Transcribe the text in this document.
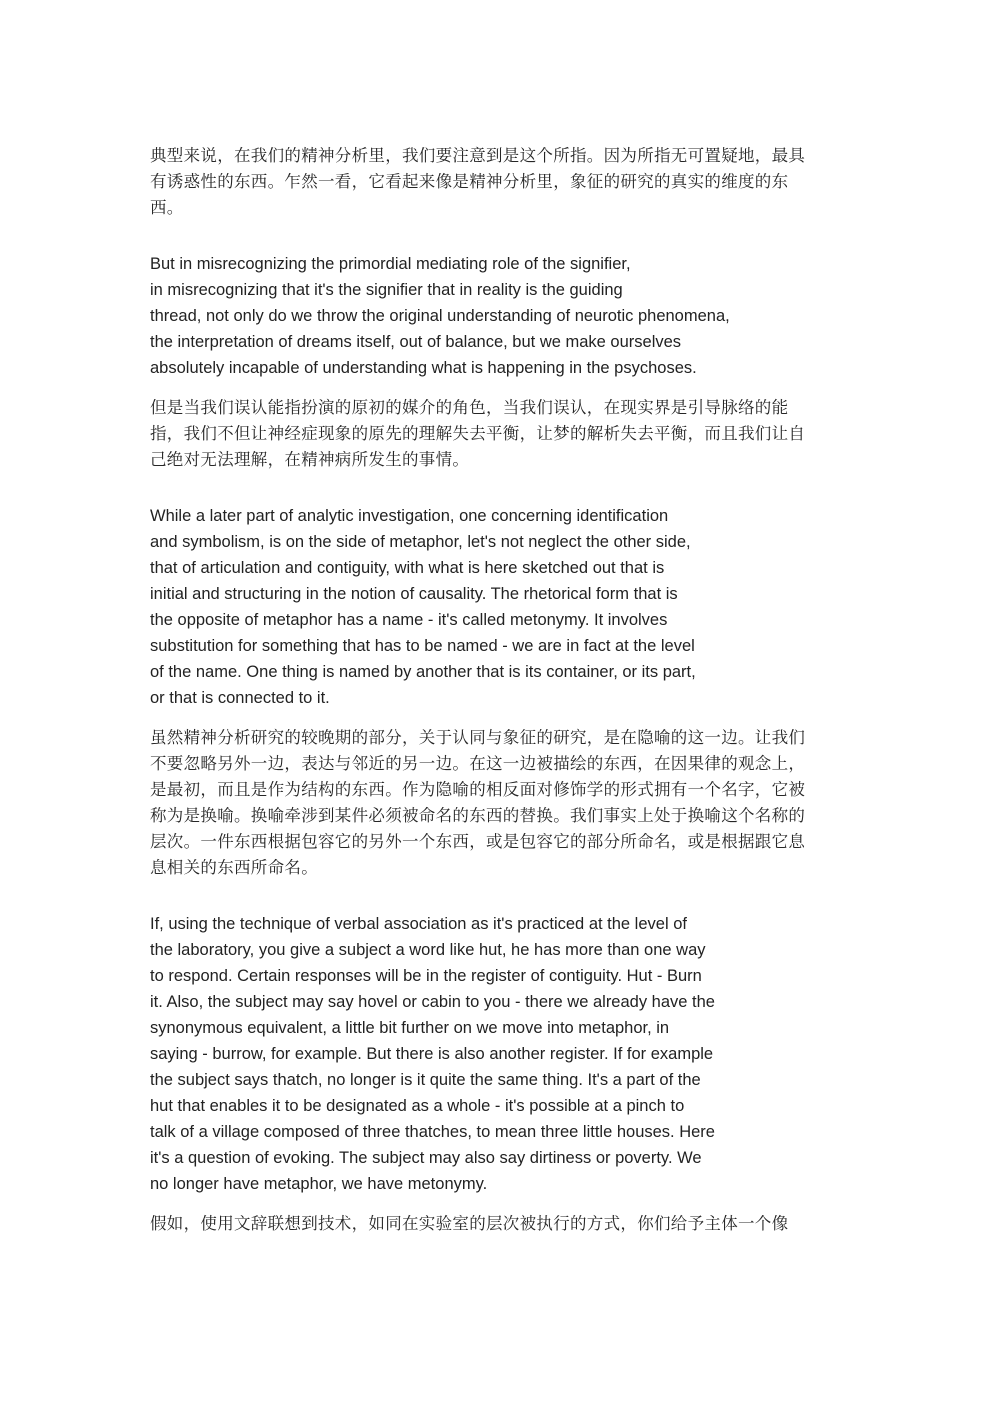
典型来说，在我们的精神分析里，我们要注意到是这个所指。因为所指无可置疑地，最具
有诱惑性的东西。乍然一看，它看起来像是精神分析里，象征的研究的真实的维度的东
西。

But in misrecognizing the primordial mediating role of the signifier,
in misrecognizing that it's the signifier that in reality is the guiding
thread, not only do we throw the original understanding of neurotic phenomena,
the interpretation of dreams itself, out of balance, but we make ourselves
absolutely incapable of understanding what is happening in the psychoses.

但是当我们误认能指扮演的原初的媒介的角色，当我们误认，在现实界是引导脉络的能
指，我们不但让神经症现象的原先的理解失去平衡，让梦的解析失去平衡，而且我们让自
己绝对无法理解，在精神病所发生的事情。

While a later part of analytic investigation, one concerning identification
and symbolism, is on the side of metaphor, let's not neglect the other side,
that of articulation and contiguity, with what is here sketched out that is
initial and structuring in the notion of causality. The rhetorical form that is
the opposite of metaphor has a name - it's called metonymy. It involves
substitution for something that has to be named - we are in fact at the level
of the name. One thing is named by another that is its container, or its part,
or that is connected to it.

虽然精神分析研究的较晚期的部分，关于认同与象征的研究，是在隐喻的这一边。让我们
不要忽略另外一边，表达与邻近的另一边。在这一边被描绘的东西，在因果律的观念上，
是最初，而且是作为结构的东西。作为隐喻的相反面对修饰学的形式拥有一个名字，它被
称为是换喻。换喻牵涉到某件必须被命名的东西的替换。我们事实上处于换喻这个名称的
层次。一件东西根据包容它的另外一个东西，或是包容它的部分所命名，或是根据跟它息
息相关的东西所命名。

If, using the technique of verbal association as it's practiced at the level of
the laboratory, you give a subject a word like hut, he has more than one way
to respond. Certain responses will be in the register of contiguity. Hut - Burn
it. Also, the subject may say hovel or cabin to you - there we already have the
synonymous equivalent, a little bit further on we move into metaphor, in
saying - burrow, for example. But there is also another register. If for example
the subject says thatch, no longer is it quite the same thing. It's a part of the
hut that enables it to be designated as a whole - it's possible at a pinch to
talk of a village composed of three thatches, to mean three little houses. Here
it's a question of evoking. The subject may also say dirtiness or poverty. We
no longer have metaphor, we have metonymy.

假如，使用文辞联想到技术，如同在实验室的层次被执行的方式，你们给予主体一个像
